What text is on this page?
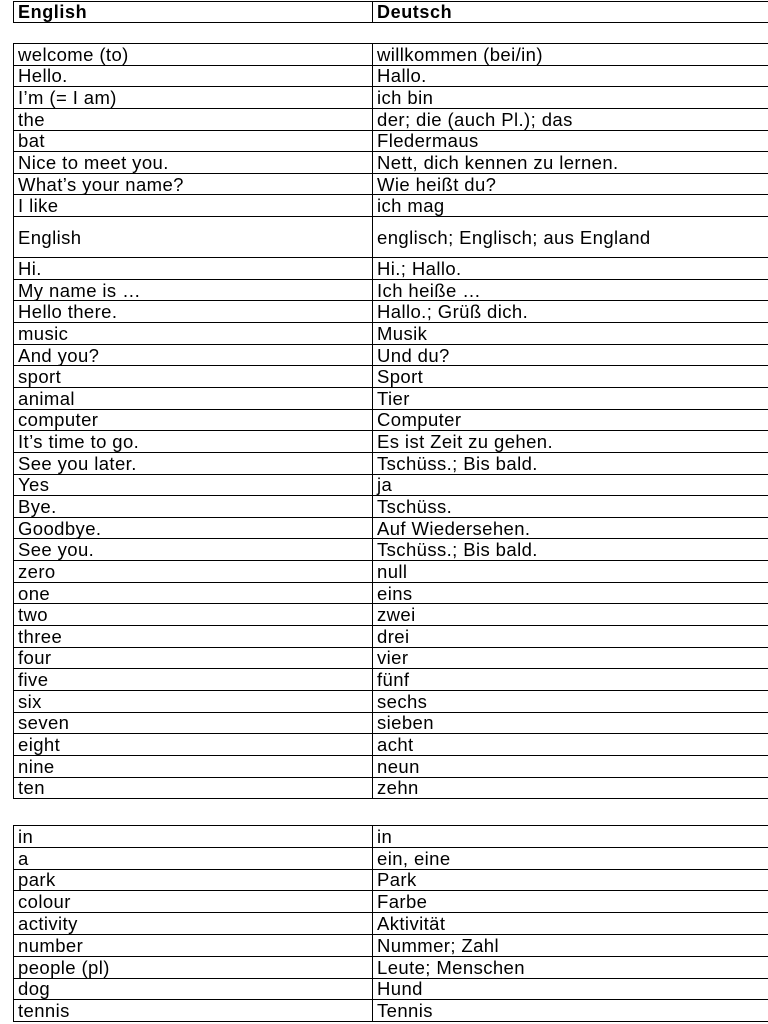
English	Deutsch
welcome (to)	willkommen (bei/in)
Hello.	Hallo.
I’m (= I am)	ich bin
the	der; die (auch Pl.); das
bat	Fledermaus
Nice to meet you.	Nett, dich kennen zu lernen.
What’s your name?	Wie heißt du?
I like	ich mag
English	englisch; Englisch; aus England
Hi.	Hi.; Hallo.
My name is …	Ich heiße …
Hello there.	Hallo.; Grüß dich.
music	Musik
And you?	Und du?
sport	Sport
animal	Tier
computer	Computer
It’s time to go.	Es ist Zeit zu gehen.
See you later.	Tschüss.; Bis bald.
Yes	ja
Bye.	Tschüss.
Goodbye.	Auf Wiedersehen.
See you.	Tschüss.; Bis bald.
zero	null
one	eins
two	zwei
three	drei
four	vier
five	fünf
six	sechs
seven	sieben
eight	acht
nine	neun
ten	zehn
in	in
a	ein, eine
park	Park
colour	Farbe
activity	Aktivität
number	Nummer; Zahl
people (pl)	Leute; Menschen
dog	Hund
tennis	Tennis
